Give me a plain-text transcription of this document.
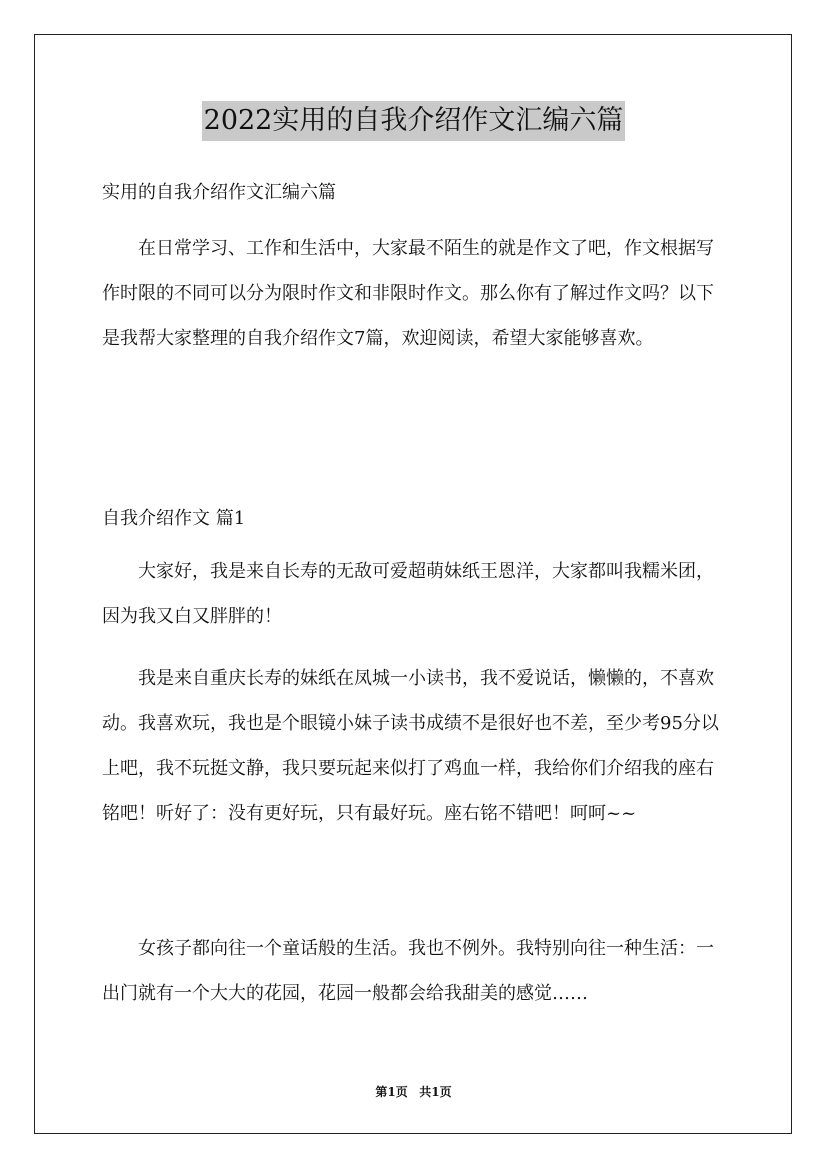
2022实用的自我介绍作文汇编六篇

实用的自我介绍作文汇编六篇

在日常学习、工作和生活中，大家最不陌生的就是作文了吧，作文根据写作时限的不同可以分为限时作文和非限时作文。那么你有了解过作文吗？以下是我帮大家整理的自我介绍作文7篇，欢迎阅读，希望大家能够喜欢。

自我介绍作文 篇1

大家好，我是来自长寿的无敌可爱超萌妹纸王恩洋，大家都叫我糯米团，因为我又白又胖胖的！

我是来自重庆长寿的妹纸在凤城一小读书，我不爱说话，懒懒的，不喜欢动。我喜欢玩，我也是个眼镜小妹子读书成绩不是很好也不差，至少考95分以上吧，我不玩挺文静，我只要玩起来似打了鸡血一样，我给你们介绍我的座右铭吧！听好了：没有更好玩，只有最好玩。座右铭不错吧！呵呵~~

女孩子都向往一个童话般的生活。我也不例外。我特别向往一种生活：一出门就有一个大大的花园，花园一般都会给我甜美的感觉……

第1页 共1页
